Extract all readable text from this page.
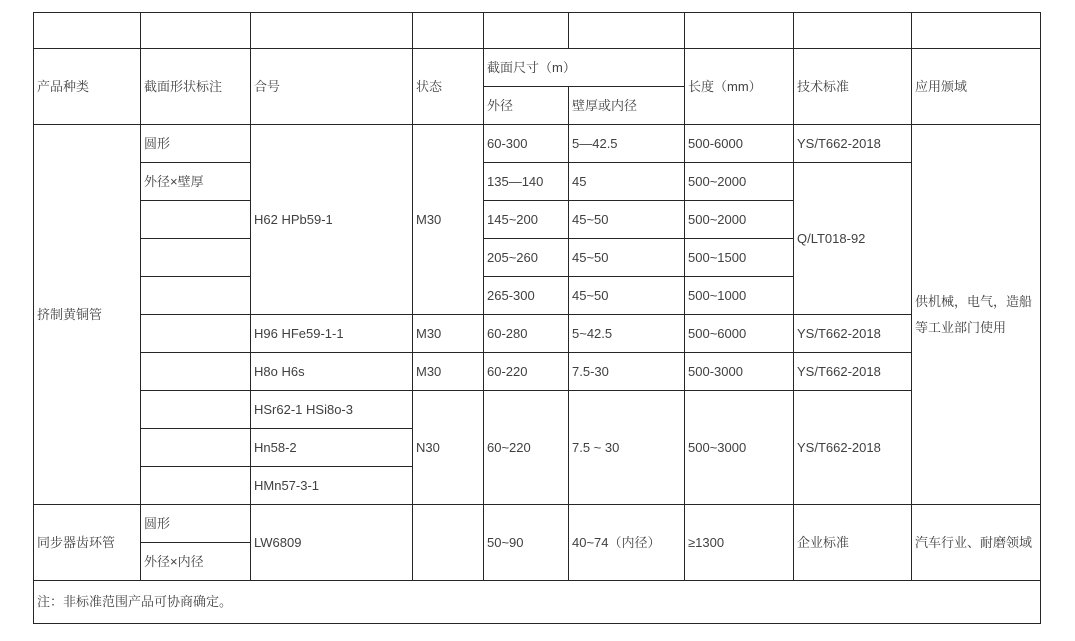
产品种类	截面形状标注	合号	状态	截面尺寸（m）		长度（mm）	技术标准	应用颁域
				外径	壁厚或内径			
挤制黄铜管	圆形	H62 HPb59-1	M30	60-300	5—42.5	500-6000	YS/T662-2018	供机械，电气，造船等工业部门使用
	外径×壁厚			135—140	45	500~2000	Q/LT018-92	
				145~200	45~50	500~2000		
				205~260	45~50	500~1500		
				265-300	45~50	500~1000		
		H96 HFe59-1-1	M30	60-280	5~42.5	500~6000	YS/T662-2018	
		H8o H6s	M30	60-220	7.5-30	500-3000	YS/T662-2018	
		HSr62-1 HSi8o-3	N30	60~220	7.5 ~ 30	500~3000	YS/T662-2018	
		Hn58-2						
		HMn57-3-1						
同步器齿环管	圆形	LW6809		50~90	40~74（内径）	≥1300	企业标准	汽车行业、耐磨领域
	外径×内径							
注：非标准范围产品可协商确定。								
